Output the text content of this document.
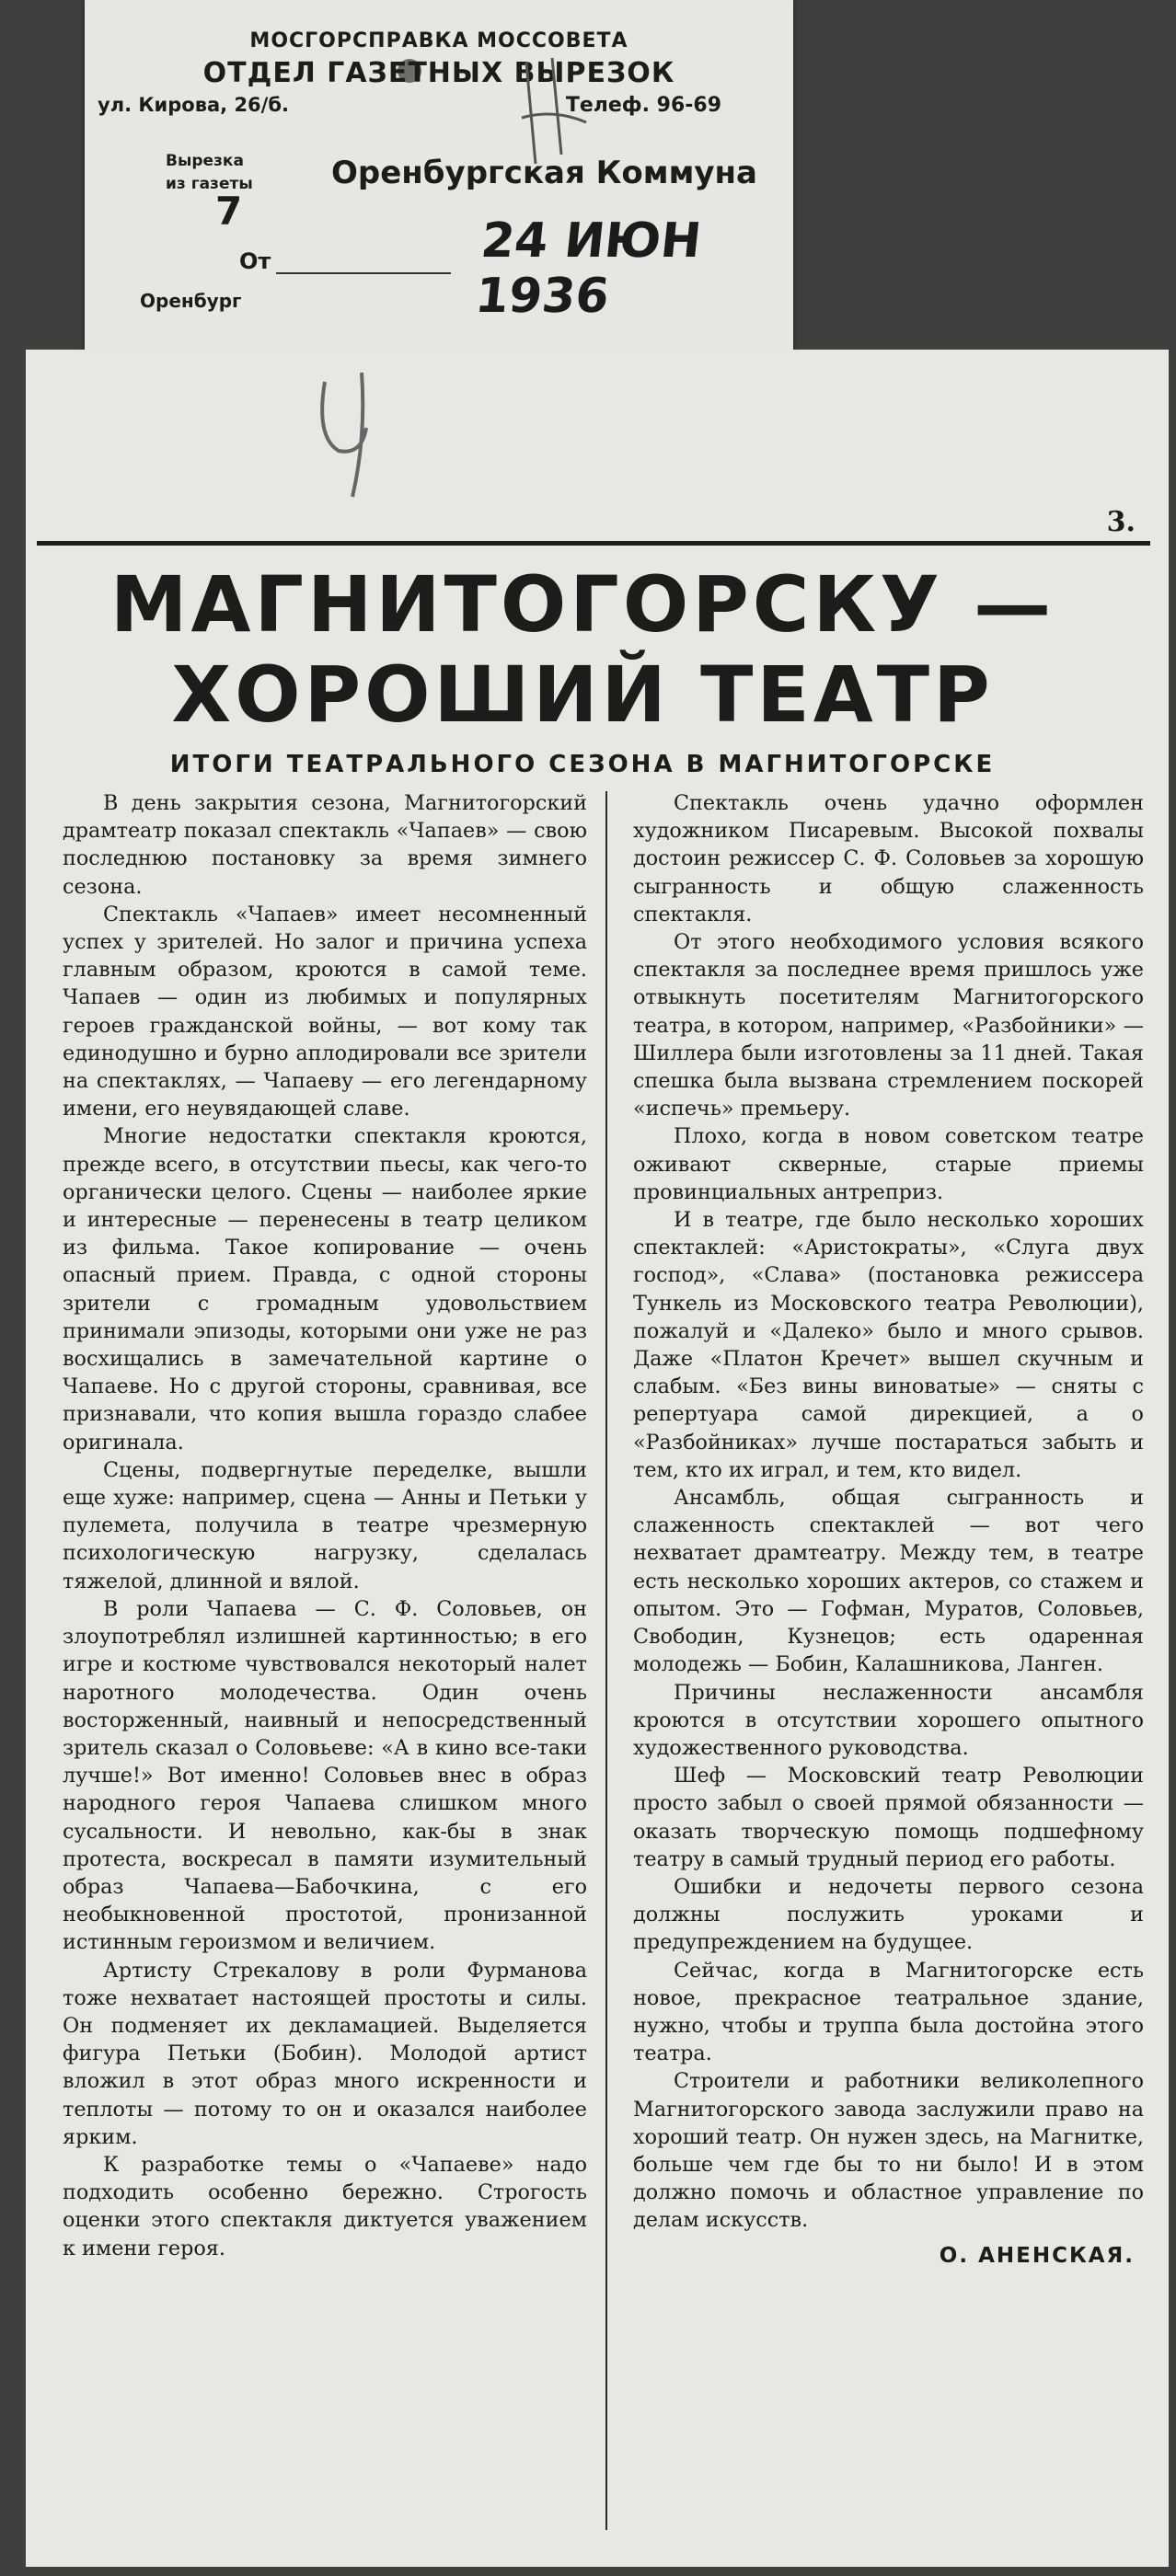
МОСГОРСПРАВКА МОССОВЕТА
ОТДЕЛ ГАЗЕТНЫХ ВЫРЕЗОК
ул. Кирова, 26/б.	Телеф. 96-69
Вырезка
из газеты	Оренбургская Коммуна
7
От	24 ИЮН 1936
Оренбург
3.
МАГНИТОГОРСКУ —
ХОРОШИЙ ТЕАТР
ИТОГИ ТЕАТРАЛЬНОГО СЕЗОНА В МАГНИТОГОРСКЕ

В день закрытия сезона, Магнитогорский драмтеатр показал спектакль «Чапаев» — свою последнюю постановку за время зимнего сезона.

Спектакль «Чапаев» имеет несомненный успех у зрителей. Но залог и причина успеха главным образом, кроются в самой теме. Чапаев — один из любимых и популярных героев гражданской войны, — вот кому так единодушно и бурно аплодировали все зрители на спектаклях, — Чапаеву — его легендарному имени, его неувядающей славе.

Многие недостатки спектакля кроются, прежде всего, в отсутствии пьесы, как чего-то органически целого. Сцены — наиболее яркие и интересные — перенесены в театр целиком из фильма. Такое копирование — очень опасный прием. Правда, с одной стороны зрители с громадным удовольствием принимали эпизоды, которыми они уже не раз восхищались в замечательной картине о Чапаеве. Но с другой стороны, сравнивая, все признавали, что копия вышла гораздо слабее оригинала.

Сцены, подвергнутые переделке, вышли еще хуже: например, сцена — Анны и Петьки у пулемета, получила в театре чрезмерную психологическую нагрузку, сделалась тяжелой, длинной и вялой.

В роли Чапаева — С. Ф. Соловьев, он злоупотреблял излишней картинностью; в его игре и костюме чувствовался некоторый налет наротного молодечества. Один очень восторженный, наивный и непосредственный зритель сказал о Соловьеве: «А в кино все-таки лучше!» Вот именно! Соловьев внес в образ народного героя Чапаева слишком много сусальности. И невольно, как-бы в знак протеста, воскресал в памяти изумительный образ Чапаева—Бабочкина, с его необыкновенной простотой, пронизанной истинным героизмом и величием.

Артисту Стрекалову в роли Фурманова тоже нехватает настоящей простоты и силы. Он подменяет их декламацией. Выделяется фигура Петьки (Бобин). Молодой артист вложил в этот образ много искренности и теплоты — потому то он и оказался наиболее ярким.

К разработке темы о «Чапаеве» надо подходить особенно бережно. Строгость оценки этого спектакля диктуется уважением к имени героя.

Спектакль очень удачно оформлен художником Писаревым. Высокой похвалы достоин режиссер С. Ф. Соловьев за хорошую сыгранность и общую слаженность спектакля.

От этого необходимого условия всякого спектакля за последнее время пришлось уже отвыкнуть посетителям Магнитогорского театра, в котором, например, «Разбойники» — Шиллера были изготовлены за 11 дней. Такая спешка была вызвана стремлением поскорей «испечь» премьеру.

Плохо, когда в новом советском театре оживают скверные, старые приемы провинциальных антреприз.

И в театре, где было несколько хороших спектаклей: «Аристократы», «Слуга двух господ», «Слава» (постановка режиссера Тункель из Московского театра Революции), пожалуй и «Далеко» было и много срывов. Даже «Платон Кречет» вышел скучным и слабым. «Без вины виноватые» — сняты с репертуара самой дирекцией, а о «Разбойниках» лучше постараться забыть и тем, кто их играл, и тем, кто видел.

Ансамбль, общая сыгранность и слаженность спектаклей — вот чего нехватает драмтеатру. Между тем, в театре есть несколько хороших актеров, со стажем и опытом. Это — Гофман, Муратов, Соловьев, Свободин, Кузнецов; есть одаренная молодежь — Бобин, Калашникова, Ланген.

Причины неслаженности ансамбля кроются в отсутствии хорошего опытного художественного руководства.

Шеф — Московский театр Революции просто забыл о своей прямой обязанности — оказать творческую помощь подшефному театру в самый трудный период его работы.

Ошибки и недочеты первого сезона должны послужить уроками и предупреждением на будущее.

Сейчас, когда в Магнитогорске есть новое, прекрасное театральное здание, нужно, чтобы и труппа была достойна этого театра.

Строители и работники великолепного Магнитогорского завода заслужили право на хороший театр. Он нужен здесь, на Магнитке, больше чем где бы то ни было! И в этом должно помочь и областное управление по делам искусств.

О. АНЕНСКАЯ.
